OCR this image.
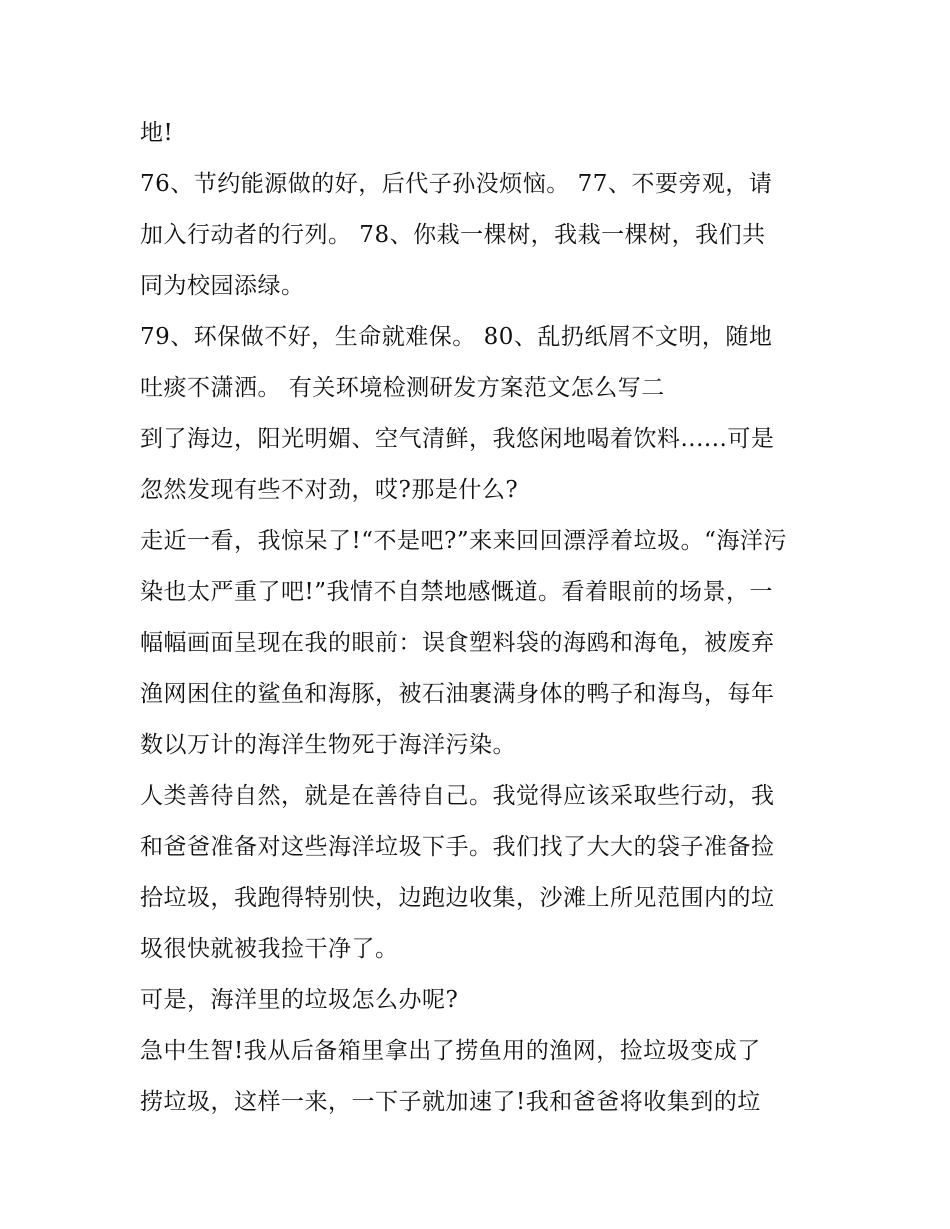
地!
76、节约能源做的好，后代子孙没烦恼。 77、不要旁观，请
加入行动者的行列。 78、你栽一棵树，我栽一棵树，我们共
同为校园添绿。
79、环保做不好，生命就难保。 80、乱扔纸屑不文明，随地
吐痰不潇洒。 有关环境检测研发方案范文怎么写二
到了海边，阳光明媚、空气清鲜，我悠闲地喝着饮料......可是
忽然发现有些不对劲，哎?那是什么?
走近一看，我惊呆了!“不是吧?”来来回回漂浮着垃圾。“海洋污
染也太严重了吧!”我情不自禁地感慨道。看着眼前的场景，一
幅幅画面呈现在我的眼前：误食塑料袋的海鸥和海龟，被废弃
渔网困住的鲨鱼和海豚，被石油裹满身体的鸭子和海鸟，每年
数以万计的海洋生物死于海洋污染。
人类善待自然，就是在善待自己。我觉得应该采取些行动，我
和爸爸准备对这些海洋垃圾下手。我们找了大大的袋子准备捡
拾垃圾，我跑得特别快，边跑边收集，沙滩上所见范围内的垃
圾很快就被我捡干净了。
可是，海洋里的垃圾怎么办呢?
急中生智!我从后备箱里拿出了捞鱼用的渔网，捡垃圾变成了
捞垃圾，这样一来，一下子就加速了!我和爸爸将收集到的垃
